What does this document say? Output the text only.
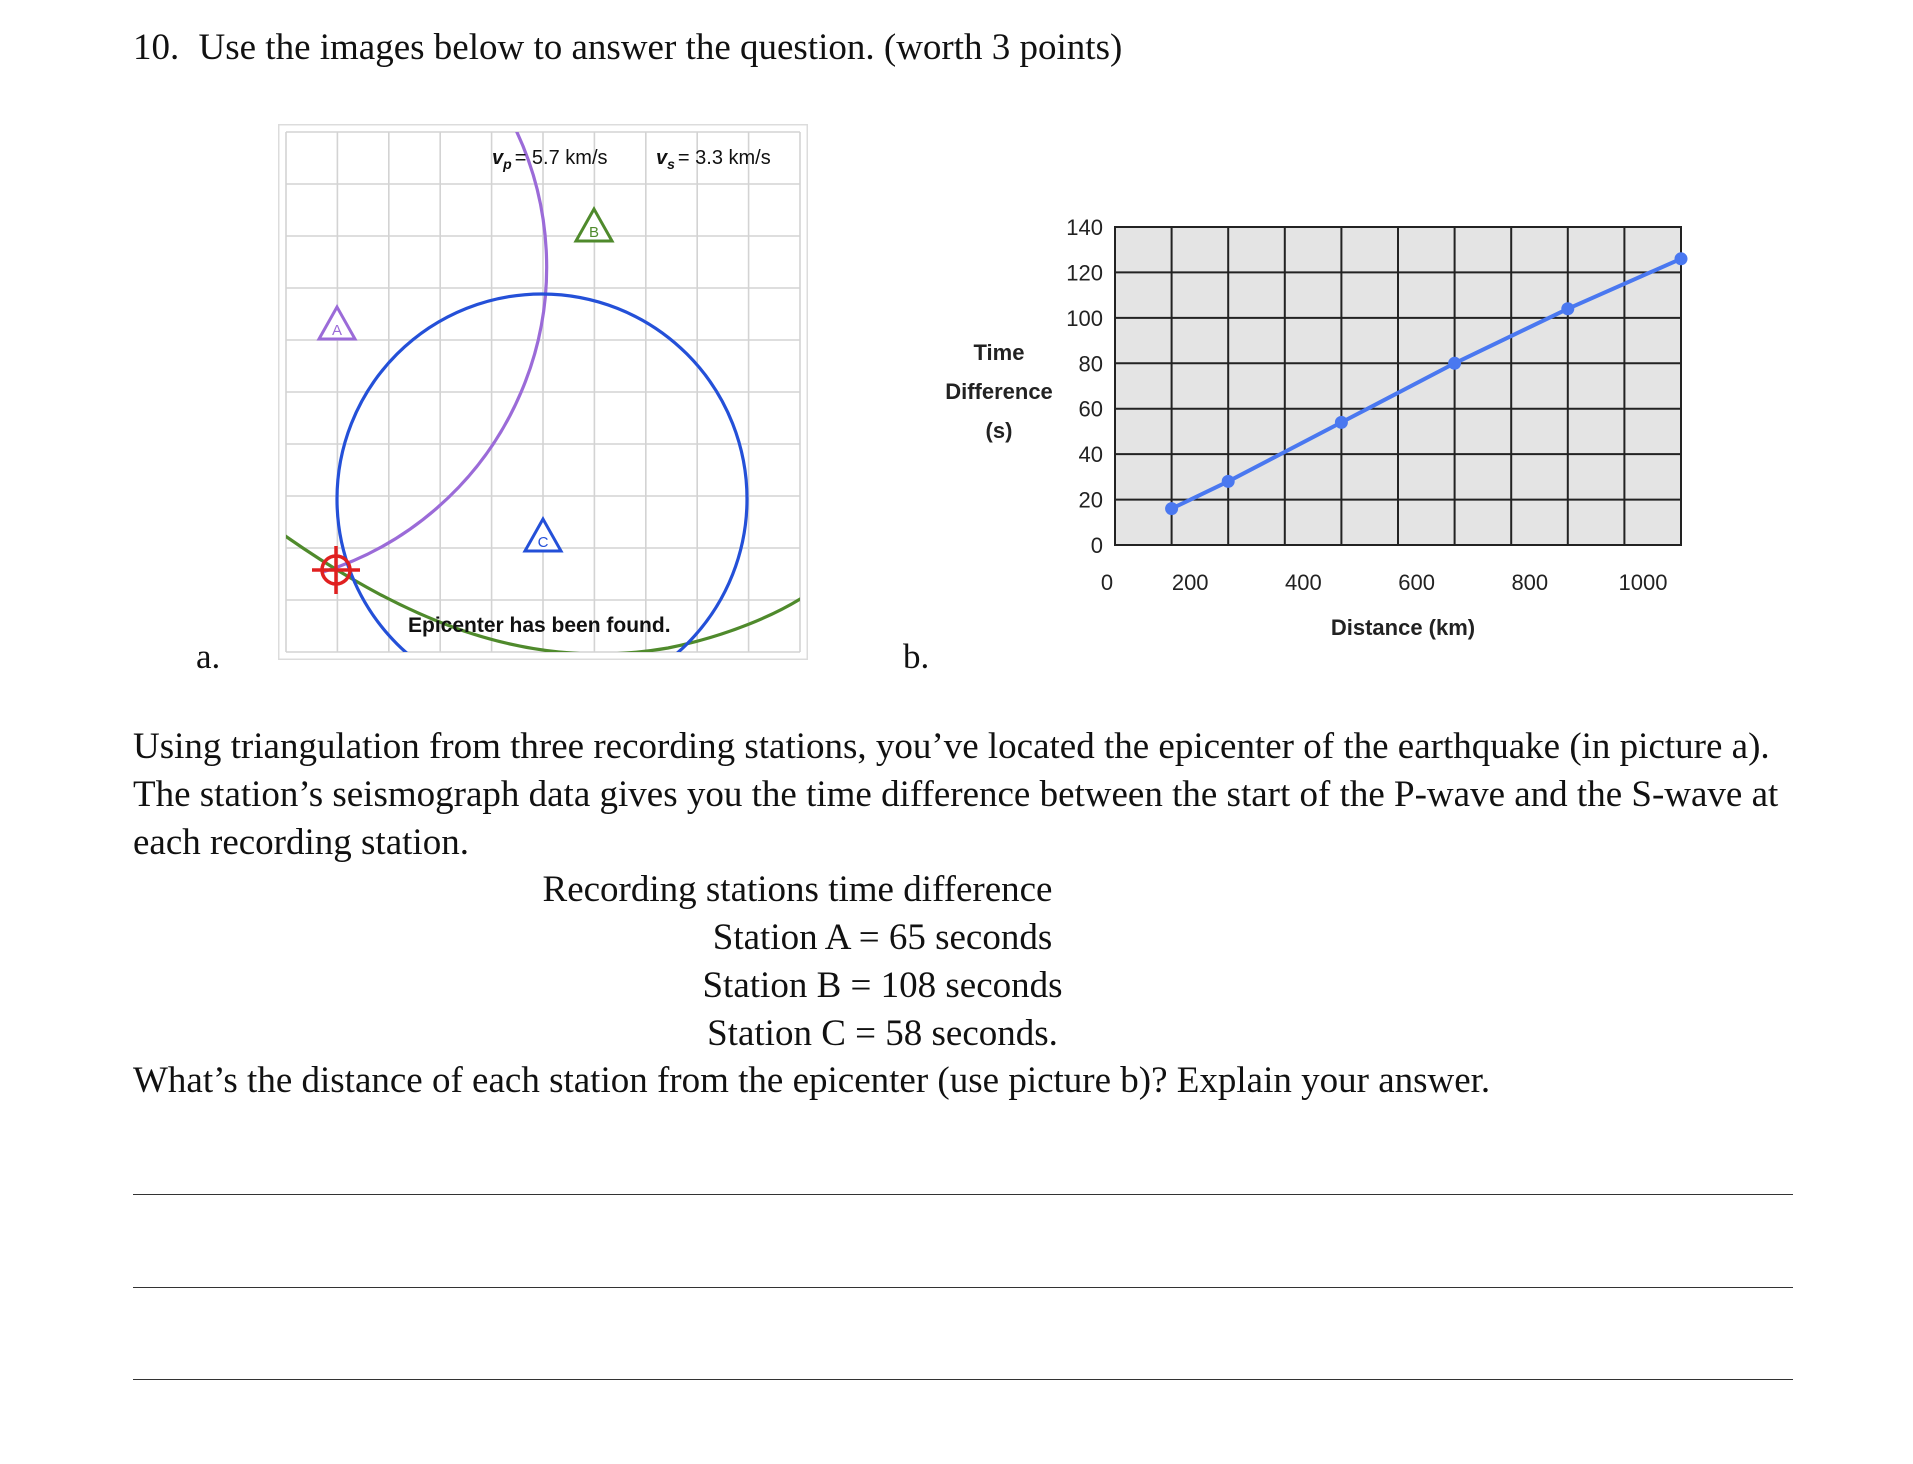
10. Use the images below to answer the question. (worth 3 points)
a.	b.
$v_p = 5.7$ km/s $v_s = 3.3$ km/s
A
B
C
Epicenter has been found.
Time
Difference
(s)
0
20
40
60
80
100
120
140
0	200	400	600	800	1000
Distance (km)
Using triangulation from three recording stations, you’ve located the epicenter of the earthquake (in picture a). The station’s seismograph data gives you the time difference between the start of the P-wave and the S-wave at each recording station.
Recording stations time difference
Station A = 65 seconds
Station B = 108 seconds
Station C = 58 seconds.
What’s the distance of each station from the epicenter (use picture b)? Explain your answer.
